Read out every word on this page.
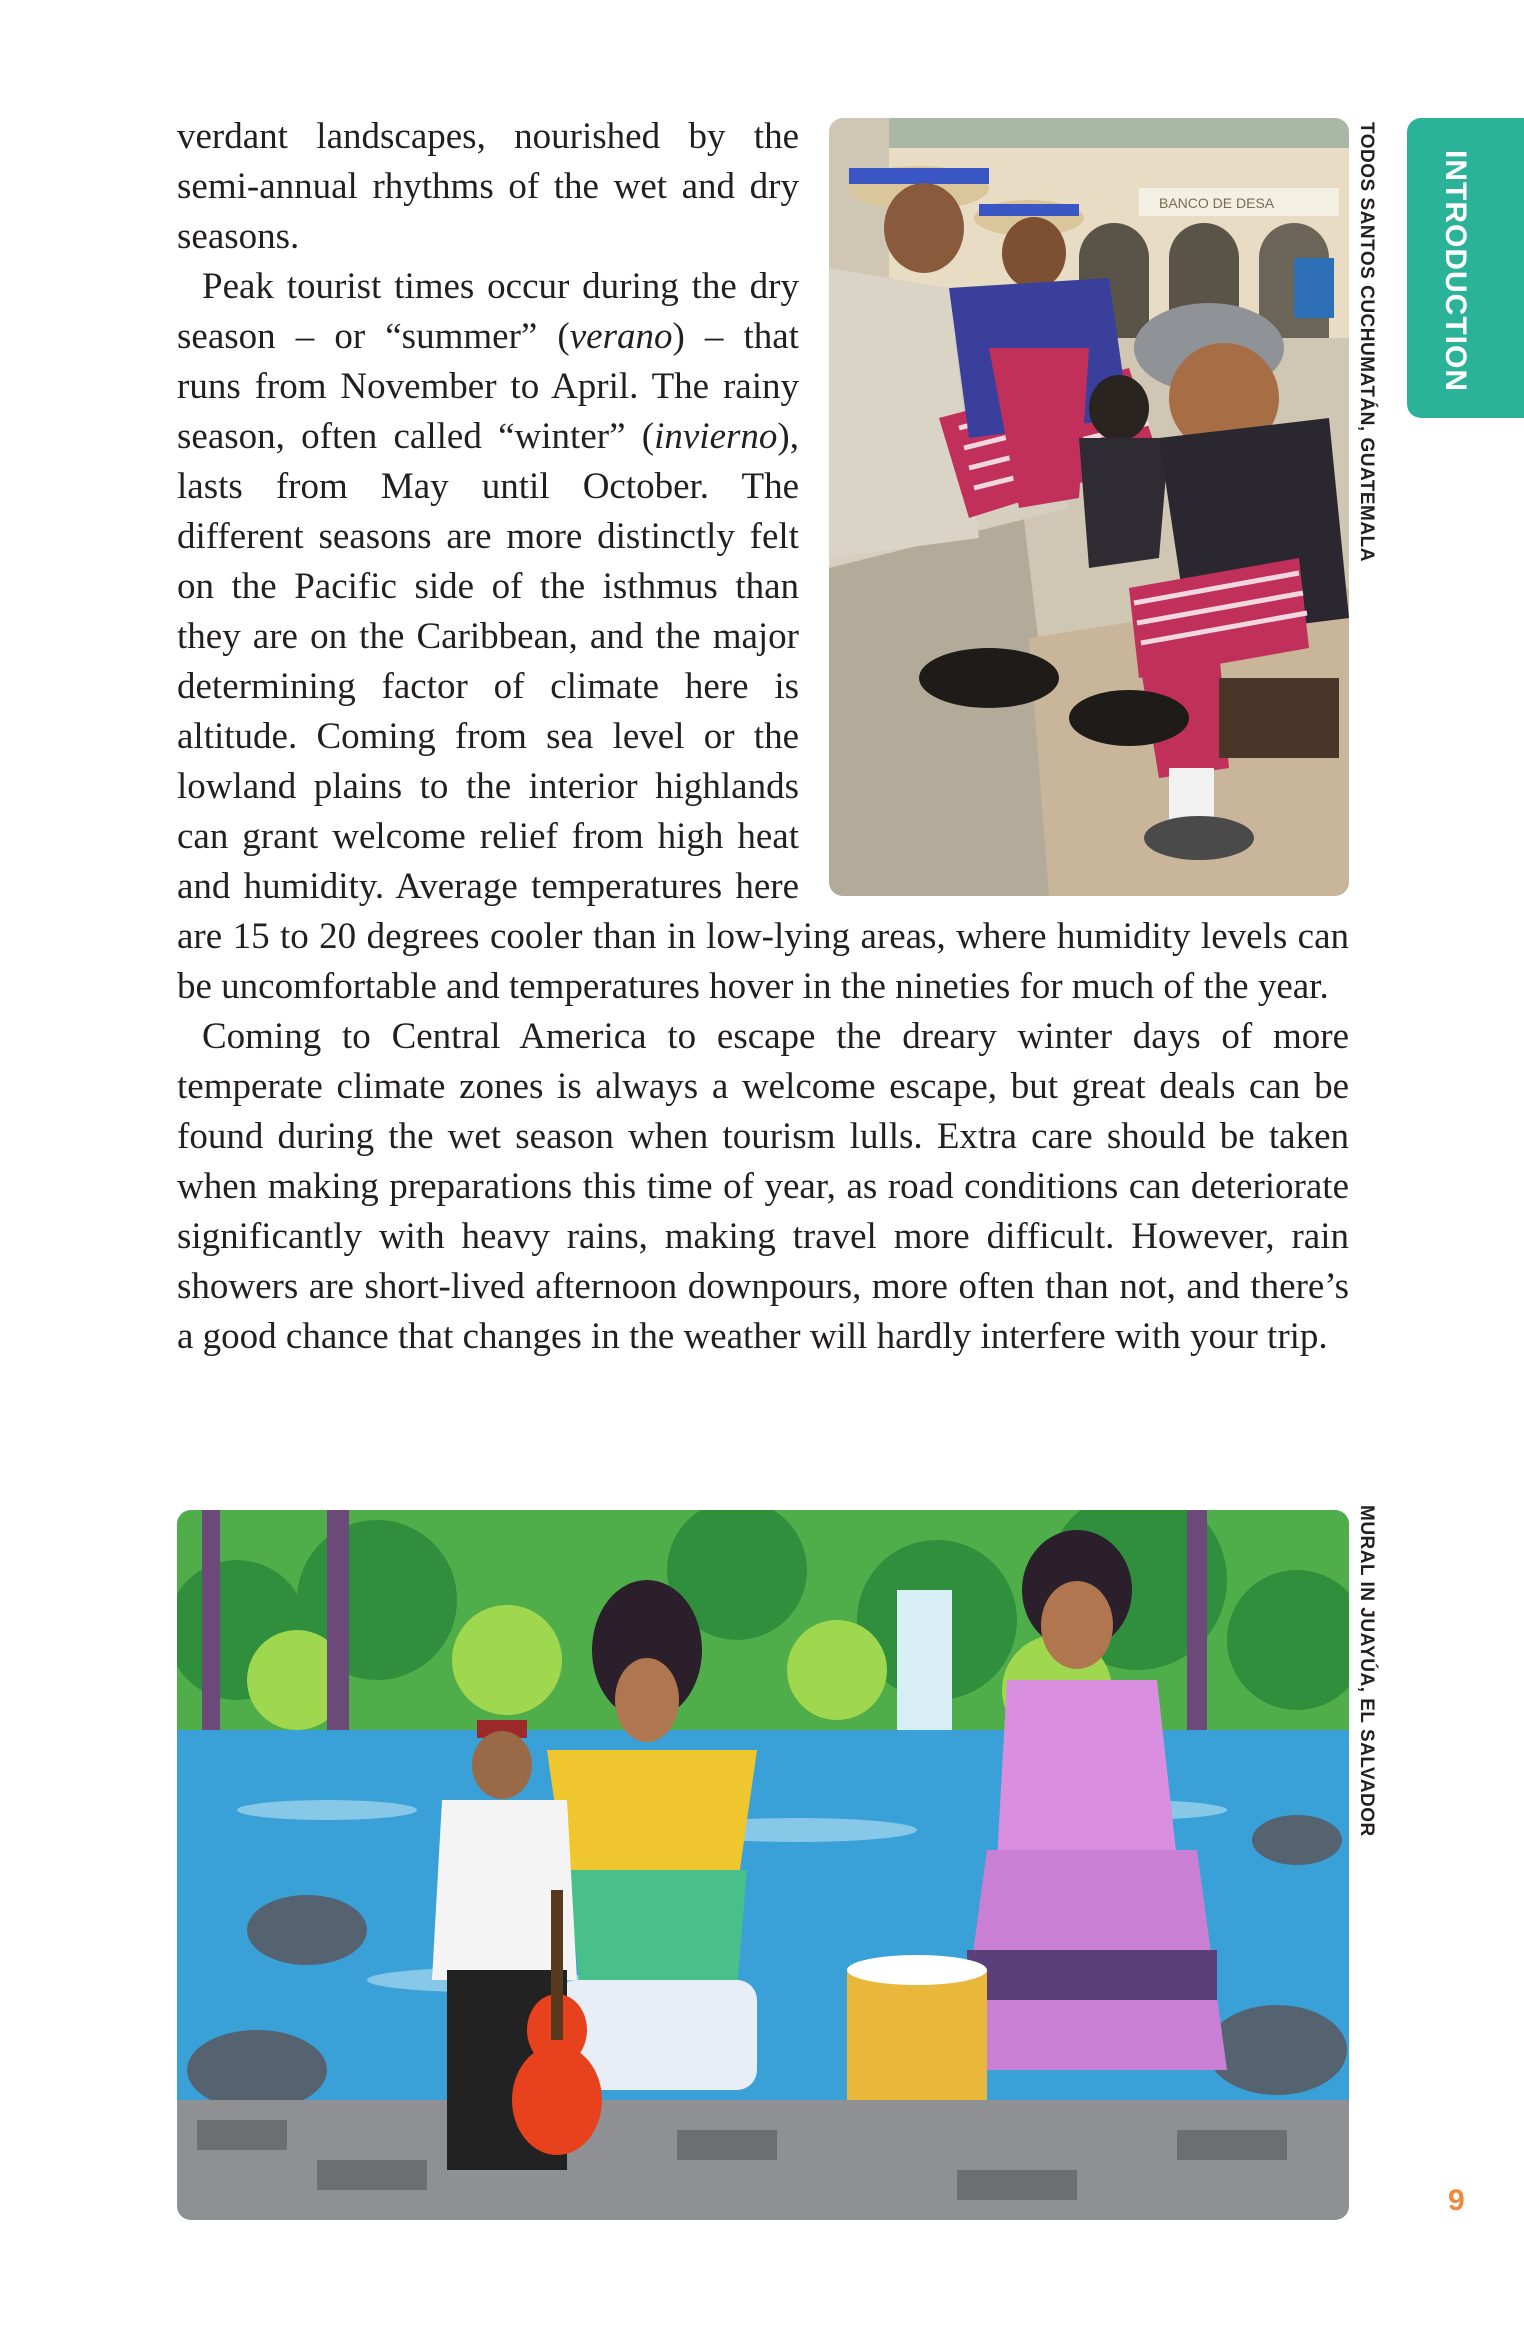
INTRODUCTION
TODOS SANTOS CUCHUMATÁN, GUATEMALA
MURAL IN JUAYÚA, EL SALVADOR
BANCO DE DESA

verdant landscapes, nourished by the semi-annual rhythms of the wet and dry seasons.

Peak tourist times occur during the dry season – or “summer” (verano) – that runs from November to April. The rainy season, often called “winter” (invierno), lasts from May until October. The different seasons are more distinctly felt on the Pacific side of the isthmus than they are on the Caribbean, and the major determining factor of climate here is altitude. Coming from sea level or the lowland plains to the interior highlands can grant welcome relief from high heat and humidity. Average temperatures here are 15 to 20 degrees cooler than in low-lying areas, where humidity levels can be uncomfortable and temperatures hover in the nineties for much of the year.

Coming to Central America to escape the dreary winter days of more temperate climate zones is always a welcome escape, but great deals can be found during the wet season when tourism lulls. Extra care should be taken when making preparations this time of year, as road conditions can deteriorate significantly with heavy rains, making travel more difficult. However, rain showers are short-lived afternoon downpours, more often than not, and there’s a good chance that changes in the weather will hardly interfere with your trip.

9
